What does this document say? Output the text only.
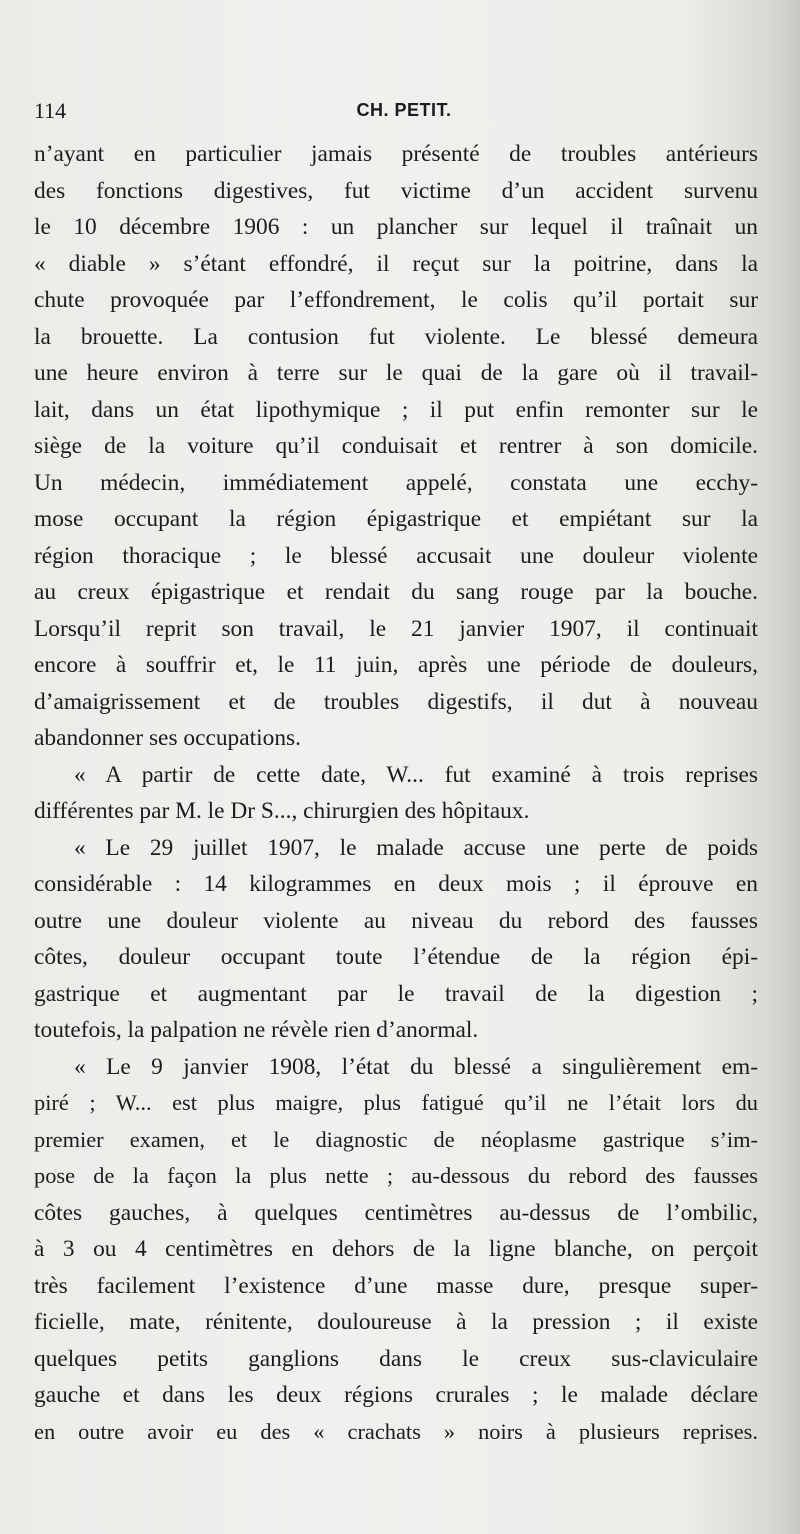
114	CH. PETIT.
n’ayant en particulier jamais présenté de troubles antérieurs
des fonctions digestives, fut victime d’un accident survenu
le 10 décembre 1906 : un plancher sur lequel il traînait un
« diable » s’étant effondré, il reçut sur la poitrine, dans la
chute provoquée par l’effondrement, le colis qu’il portait sur
la brouette. La contusion fut violente. Le blessé demeura
une heure environ à terre sur le quai de la gare où il travail-
lait, dans un état lipothymique ; il put enfin remonter sur le
siège de la voiture qu’il conduisait et rentrer à son domicile.
Un médecin, immédiatement appelé, constata une ecchy-
mose occupant la région épigastrique et empiétant sur la
région thoracique ; le blessé accusait une douleur violente
au creux épigastrique et rendait du sang rouge par la bouche.
Lorsqu’il reprit son travail, le 21 janvier 1907, il continuait
encore à souffrir et, le 11 juin, après une période de douleurs,
d’amaigrissement et de troubles digestifs, il dut à nouveau
abandonner ses occupations.
« A partir de cette date, W... fut examiné à trois reprises
différentes par M. le Dr S..., chirurgien des hôpitaux.
« Le 29 juillet 1907, le malade accuse une perte de poids
considérable : 14 kilogrammes en deux mois ; il éprouve en
outre une douleur violente au niveau du rebord des fausses
côtes, douleur occupant toute l’étendue de la région épi-
gastrique et augmentant par le travail de la digestion ;
toutefois, la palpation ne révèle rien d’anormal.
« Le 9 janvier 1908, l’état du blessé a singulièrement em-
piré ; W... est plus maigre, plus fatigué qu’il ne l’était lors du
premier examen, et le diagnostic de néoplasme gastrique s’im-
pose de la façon la plus nette ; au-dessous du rebord des fausses
côtes gauches, à quelques centimètres au-dessus de l’ombilic,
à 3 ou 4 centimètres en dehors de la ligne blanche, on perçoit
très facilement l’existence d’une masse dure, presque super-
ficielle, mate, rénitente, douloureuse à la pression ; il existe
quelques petits ganglions dans le creux sus-claviculaire
gauche et dans les deux régions crurales ; le malade déclare
en outre avoir eu des « crachats » noirs à plusieurs reprises.
